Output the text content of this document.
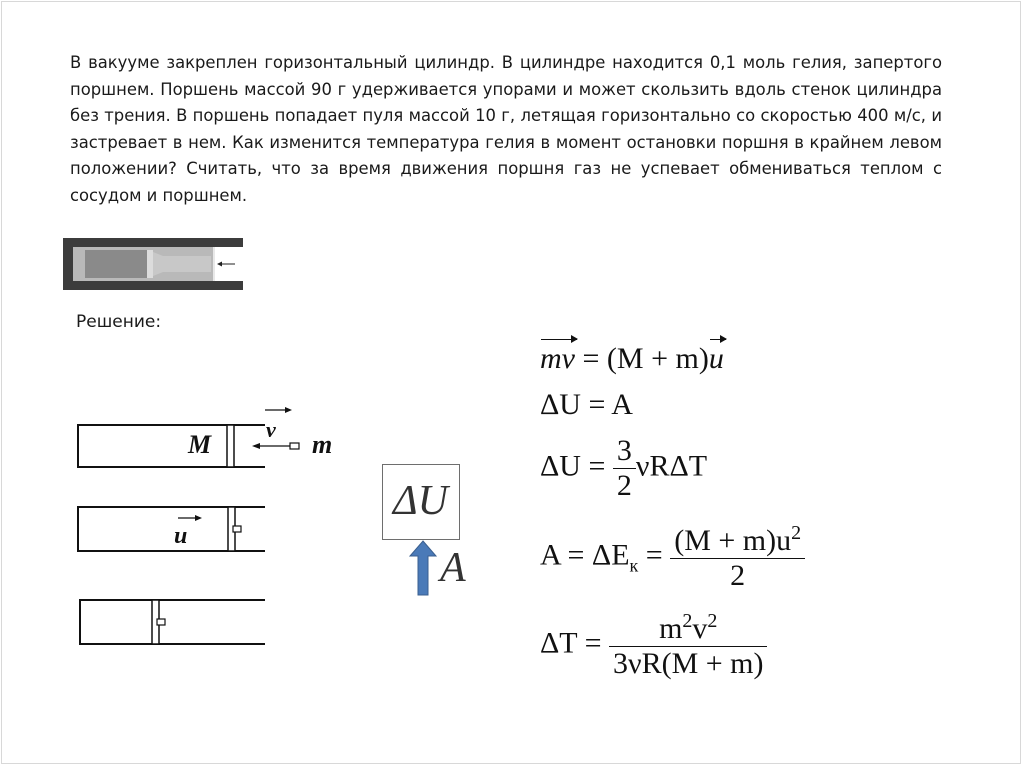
В вакууме закреплен горизонтальный цилиндр. В цилиндре находится 0,1 моль гелия, запертого поршнем. Поршень массой 90 г удерживается упорами и может скользить вдоль стенок цилиндра без трения. В поршень попадает пуля массой 10 г, летящая горизонтально со скоростью 400 м/с, и застревает в нем. Как изменится температура гелия в момент остановки поршня в крайнем левом положении? Считать, что за время движения поршня газ не успевает обмениваться теплом с сосудом и поршнем.

Решение:
M
v
m
u
ΔU
A
mv = (M + m)u
ΔU = A
$\Delta U = \frac{3}{2}$ νRΔT
$A = \Delta E_к = \frac{(M + m)u^2}{2}$
$\Delta T = \frac{m^2v^2}{3\nu R(M + m)}$
